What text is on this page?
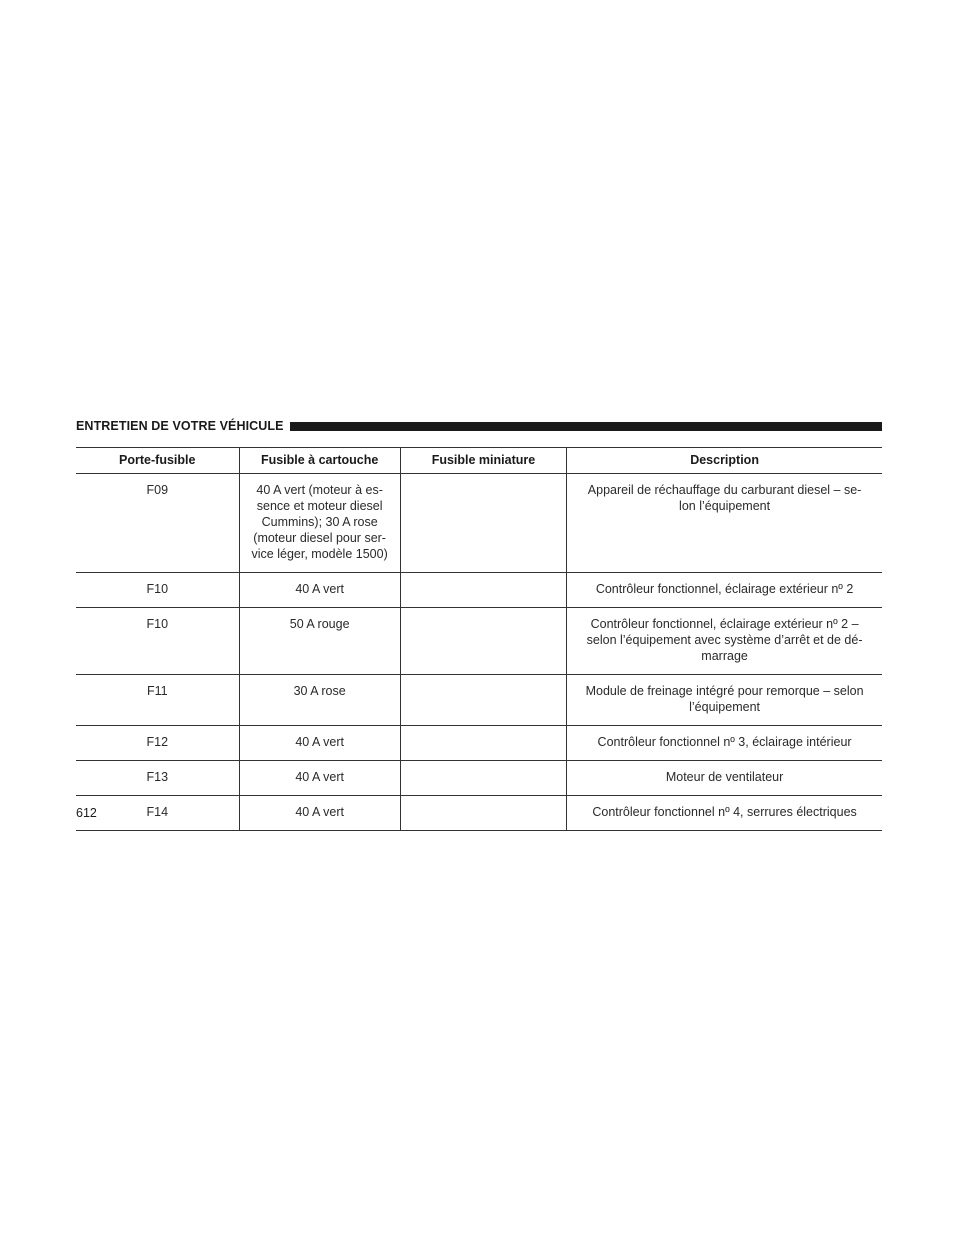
ENTRETIEN DE VOTRE VÉHICULE
Porte-fusible	Fusible à cartouche	Fusible miniature	Description
F09	40 A vert (moteur à es-
sence et moteur diesel
Cummins); 30 A rose
(moteur diesel pour ser-
vice léger, modèle 1500)		Appareil de réchauffage du carburant diesel – se-
lon l’équipement
F10	40 A vert		Contrôleur fonctionnel, éclairage extérieur nº 2
F10	50 A rouge		Contrôleur fonctionnel, éclairage extérieur nº 2 –
selon l’équipement avec système d’arrêt et de dé-
marrage
F11	30 A rose		Module de freinage intégré pour remorque – selon
l’équipement
F12	40 A vert		Contrôleur fonctionnel nº 3, éclairage intérieur
F13	40 A vert		Moteur de ventilateur
F14	40 A vert		Contrôleur fonctionnel nº 4, serrures électriques
612
